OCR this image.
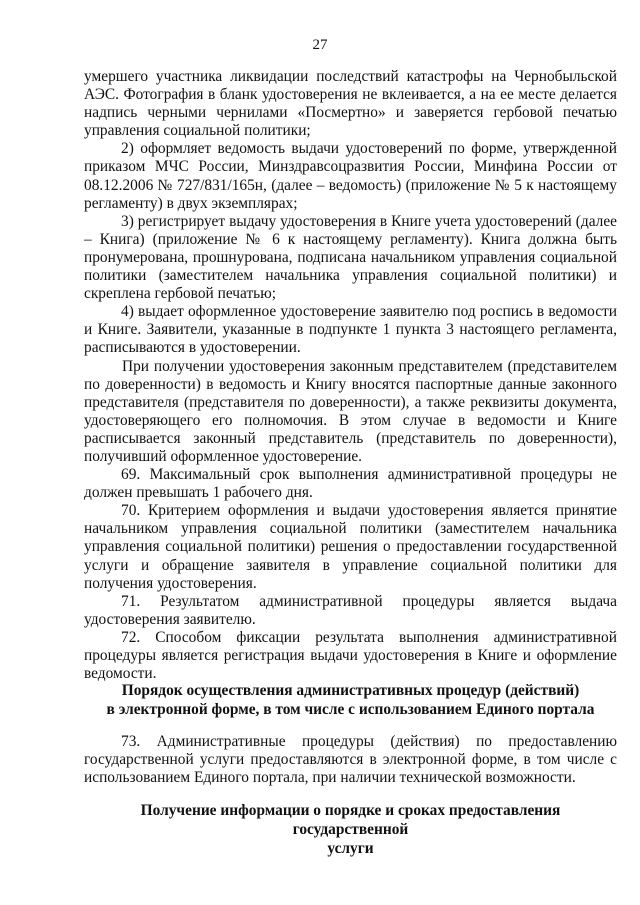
27

умершего участника ликвидации последствий катастрофы на Чернобыльской АЭС. Фотография в бланк удостоверения не вклеивается, а на ее месте делается надпись черными чернилами «Посмертно» и заверяется гербовой печатью управления социальной политики;

2) оформляет ведомость выдачи удостоверений по форме, утвержденной приказом МЧС России, Минздравсоцразвития России, Минфина России от 08.12.2006 № 727/831/165н, (далее – ведомость) (приложение № 5 к настоящему регламенту) в двух экземплярах;

3) регистрирует выдачу удостоверения в Книге учета удостоверений (далее – Книга) (приложение № 6 к настоящему регламенту). Книга должна быть пронумерована, прошнурована, подписана начальником управления социальной политики (заместителем начальника управления социальной политики) и скреплена гербовой печатью;

4) выдает оформленное удостоверение заявителю под роспись в ведомости и Книге. Заявители, указанные в подпункте 1 пункта 3 настоящего регламента, расписываются в удостоверении.

При получении удостоверения законным представителем (представителем по доверенности) в ведомость и Книгу вносятся паспортные данные законного представителя (представителя по доверенности), а также реквизиты документа, удостоверяющего его полномочия. В этом случае в ведомости и Книге расписывается законный представитель (представитель по доверенности), получивший оформленное удостоверение.

69. Максимальный срок выполнения административной процедуры не должен превышать 1 рабочего дня.

70. Критерием оформления и выдачи удостоверения является принятие начальником управления социальной политики (заместителем начальника управления социальной политики) решения о предоставлении государственной услуги и обращение заявителя в управление социальной политики для получения удостоверения.

71. Результатом административной процедуры является выдача удостоверения заявителю.

72. Способом фиксации результата выполнения административной процедуры является регистрация выдачи удостоверения в Книге и оформление ведомости.

Порядок осуществления административных процедур (действий)
в электронной форме, в том числе с использованием Единого портала

73. Административные процедуры (действия) по предоставлению государственной услуги предоставляются в электронной форме, в том числе с использованием Единого портала, при наличии технической возможности.

Получение информации о порядке и сроках предоставления государственной
услуги
